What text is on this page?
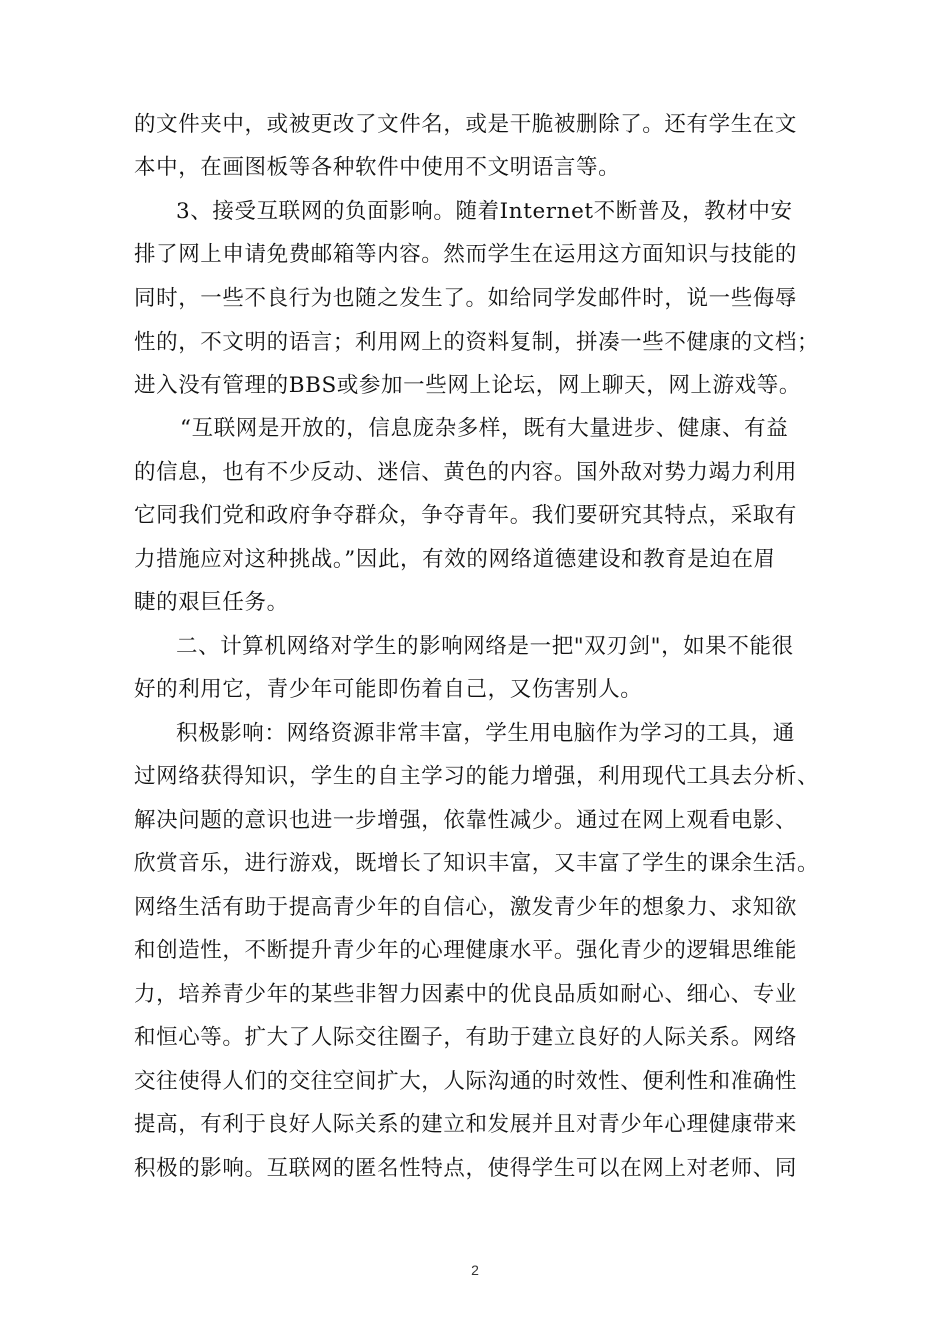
的文件夹中，或被更改了文件名，或是干脆被删除了。还有学生在文
本中，在画图板等各种软件中使用不文明语言等。
3、接受互联网的负面影响。随着Internet不断普及，教材中安
排了网上申请免费邮箱等内容。然而学生在运用这方面知识与技能的
同时，一些不良行为也随之发生了。如给同学发邮件时，说一些侮辱
性的，不文明的语言；利用网上的资料复制，拼凑一些不健康的文档；
进入没有管理的BBS或参加一些网上论坛，网上聊天，网上游戏等。
“互联网是开放的，信息庞杂多样，既有大量进步、健康、有益
的信息，也有不少反动、迷信、黄色的内容。国外敌对势力竭力利用
它同我们党和政府争夺群众，争夺青年。我们要研究其特点，采取有
力措施应对这种挑战。”因此，有效的网络道德建设和教育是迫在眉
睫的艰巨任务。
二、计算机网络对学生的影响网络是一把"双刃剑"，如果不能很
好的利用它，青少年可能即伤着自己，又伤害别人。
积极影响：网络资源非常丰富，学生用电脑作为学习的工具，通
过网络获得知识，学生的自主学习的能力增强，利用现代工具去分析、
解决问题的意识也进一步增强，依靠性减少。通过在网上观看电影、
欣赏音乐，进行游戏，既增长了知识丰富，又丰富了学生的课余生活。
网络生活有助于提高青少年的自信心，激发青少年的想象力、求知欲
和创造性，不断提升青少年的心理健康水平。强化青少的逻辑思维能
力，培养青少年的某些非智力因素中的优良品质如耐心、细心、专业
和恒心等。扩大了人际交往圈子，有助于建立良好的人际关系。网络
交往使得人们的交往空间扩大，人际沟通的时效性、便利性和准确性
提高，有利于良好人际关系的建立和发展并且对青少年心理健康带来
积极的影响。互联网的匿名性特点，使得学生可以在网上对老师、同
2
